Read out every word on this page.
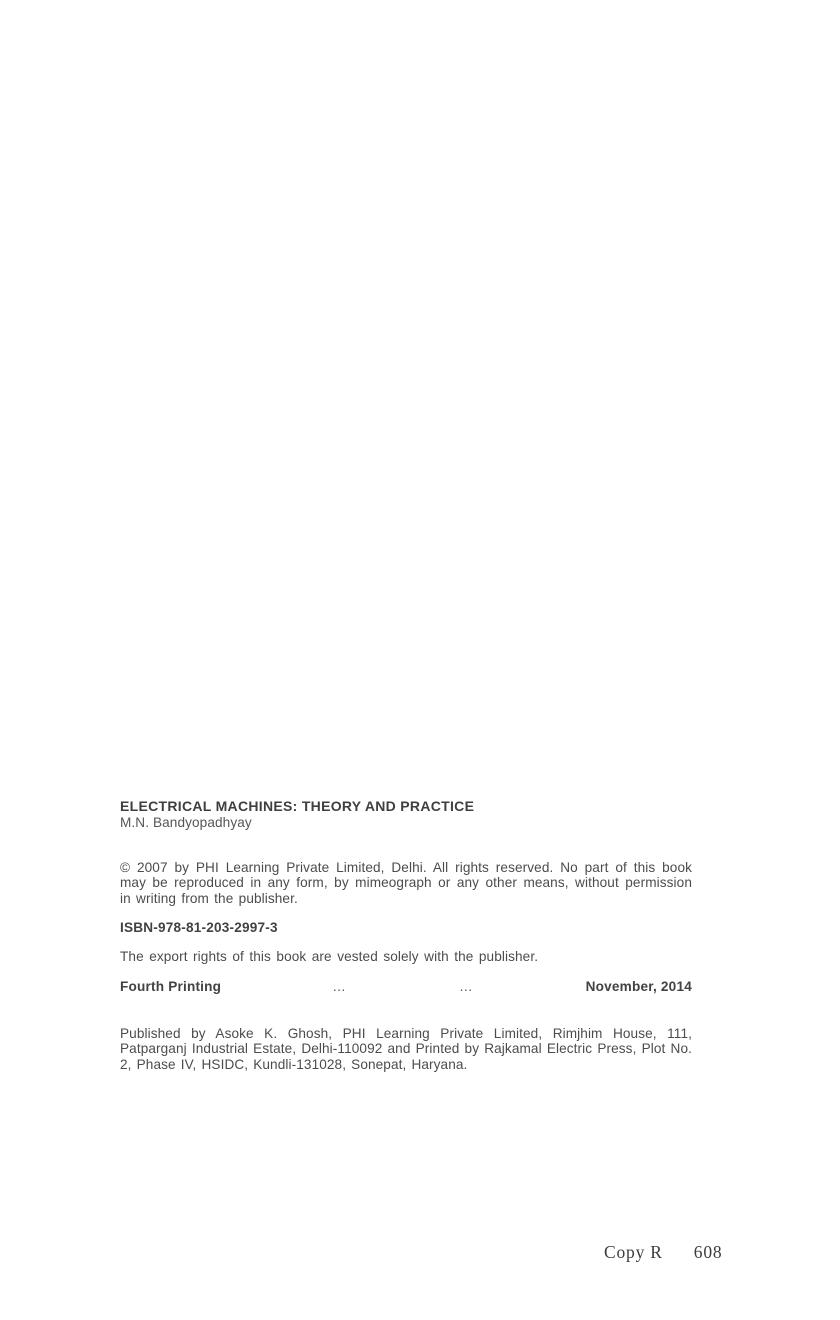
ELECTRICAL MACHINES: THEORY AND PRACTICE
M.N. Bandyopadhyay
© 2007 by PHI Learning Private Limited, Delhi. All rights reserved. No part of this book may be reproduced in any form, by mimeograph or any other means, without permission in writing from the publisher.
ISBN-978-81-203-2997-3
The export rights of this book are vested solely with the publisher.
Fourth Printing	…	…	November, 2014
Published by Asoke K. Ghosh, PHI Learning Private Limited, Rimjhim House, 111, Patparganj Industrial Estate, Delhi-110092 and Printed by Rajkamal Electric Press, Plot No. 2, Phase IV, HSIDC, Kundli-131028, Sonepat, Haryana.
Copy R 608
